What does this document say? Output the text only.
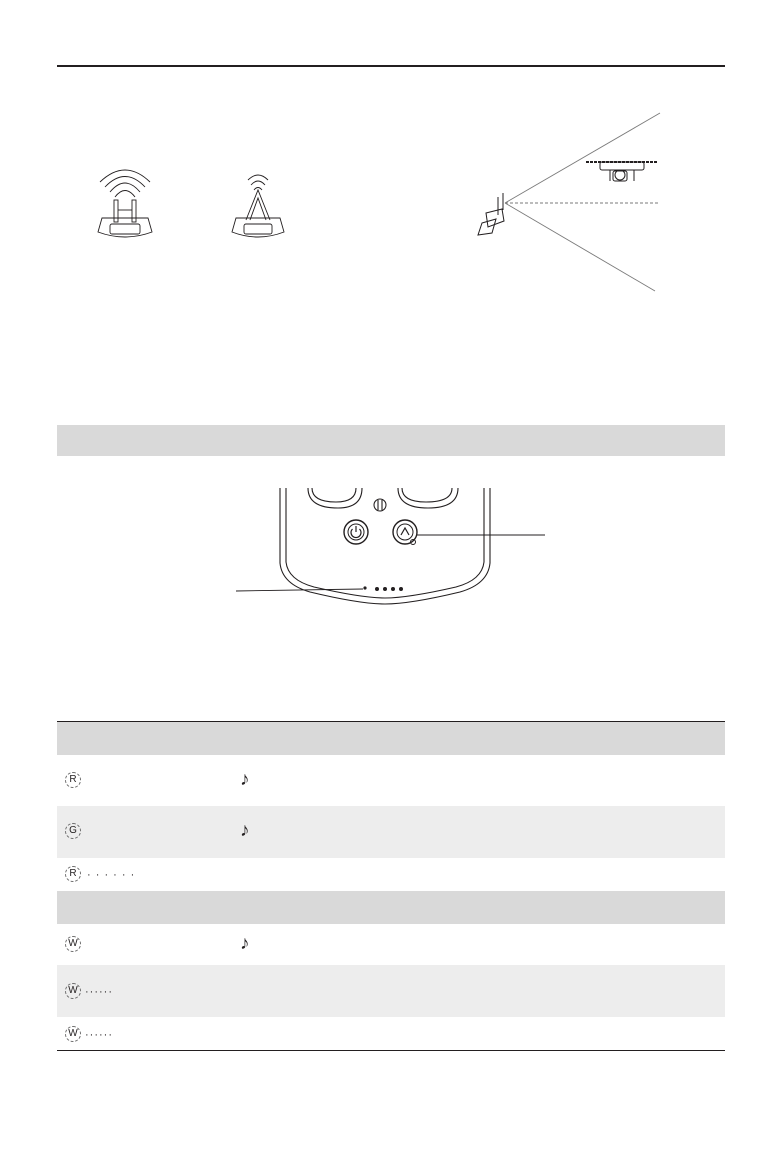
R	♪
G	♪
R · · · · · ·
W	♪
W ······
W ······
